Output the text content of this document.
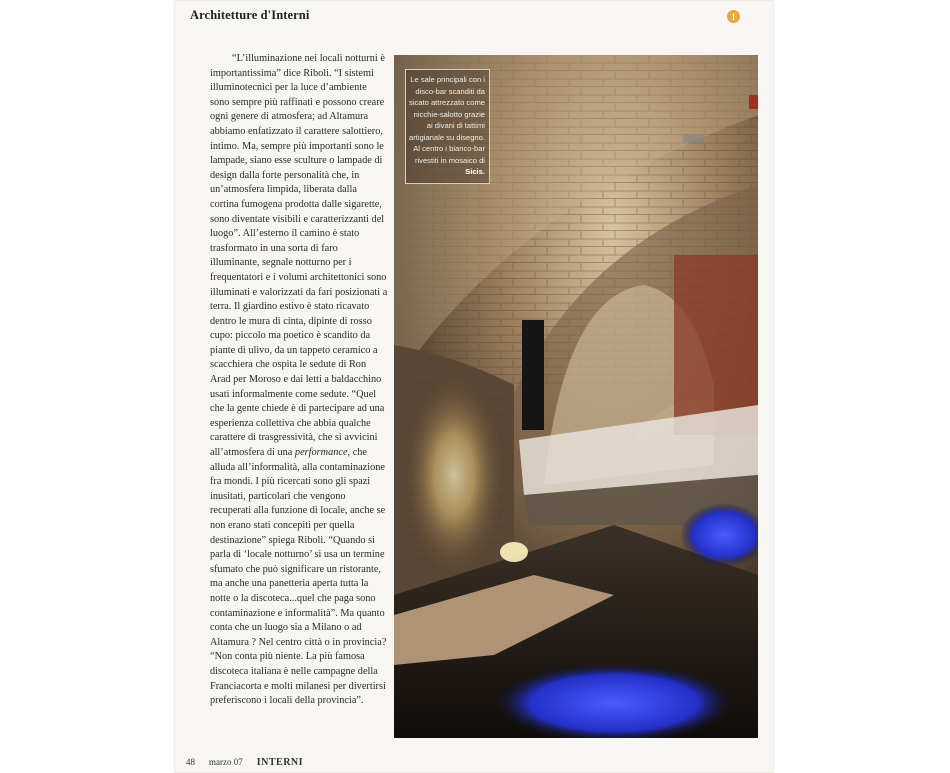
Architetture d'Interni	I

“L’illuminazione nei locali notturni è importantissima” dice Riboli. “I sistemi illuminotecnici per la luce d’ambiente sono sempre più raffinati e possono creare ogni genere di atmosfera; ad Altamura abbiamo enfatizzato il carattere salottiero, intimo. Ma, sempre più importanti sono le lampade, siano esse sculture o lampade di design dalla forte personalità che, in un’atmosfera limpida, liberata dalla cortina fumogena prodotta dalle sigarette, sono diventate visibili e caratterizzanti del luogo”. All’esterno il camino è stato trasformato in una sorta di faro illuminante, segnale notturno per i frequentatori e i volumi architettonici sono illuminati e valorizzati da fari posizionati a terra. Il giardino estivo è stato ricavato dentro le mura di cinta, dipinte di rosso cupo: piccolo ma poetico è scandito da piante di ulivo, da un tappeto ceramico a scacchiera che ospita le sedute di Ron Arad per Moroso e dai letti a baldacchino usati informalmente come sedute. “Quel che la gente chiede è di partecipare ad una esperienza collettiva che abbia qualche carattere di trasgressività, che si avvicini all’atmosfera di una performance, che alluda all’informalità, alla contaminazione fra mondi. I più ricercati sono gli spazi inusitati, particolari che vengono recuperati alla funzione di locale, anche se non erano stati concepiti per quella destinazione” spiega Riboli. “Quando si parla di ‘locale notturno’ si usa un termine sfumato che può significare un ristorante, ma anche una panetteria aperta tutta la notte o la discoteca...quel che paga sono contaminazione e informalità”. Ma quanto conta che un luogo sia a Milano o ad Altamura ? Nel centro città o in provincia? “Non conta più niente. La più famosa discoteca italiana è nelle campagne della Franciacorta e molti milanesi per divertirsi preferiscono i locali della provincia”.

Le sale principali con i disco-bar scanditi da sicato attrezzato come nicchie-salotto grazie ai divani di tattimi artigianale su disegno. Al centro i bianco-bar rivestiti in mosaico di Sicis.
48 marzo 07 INTERNI
